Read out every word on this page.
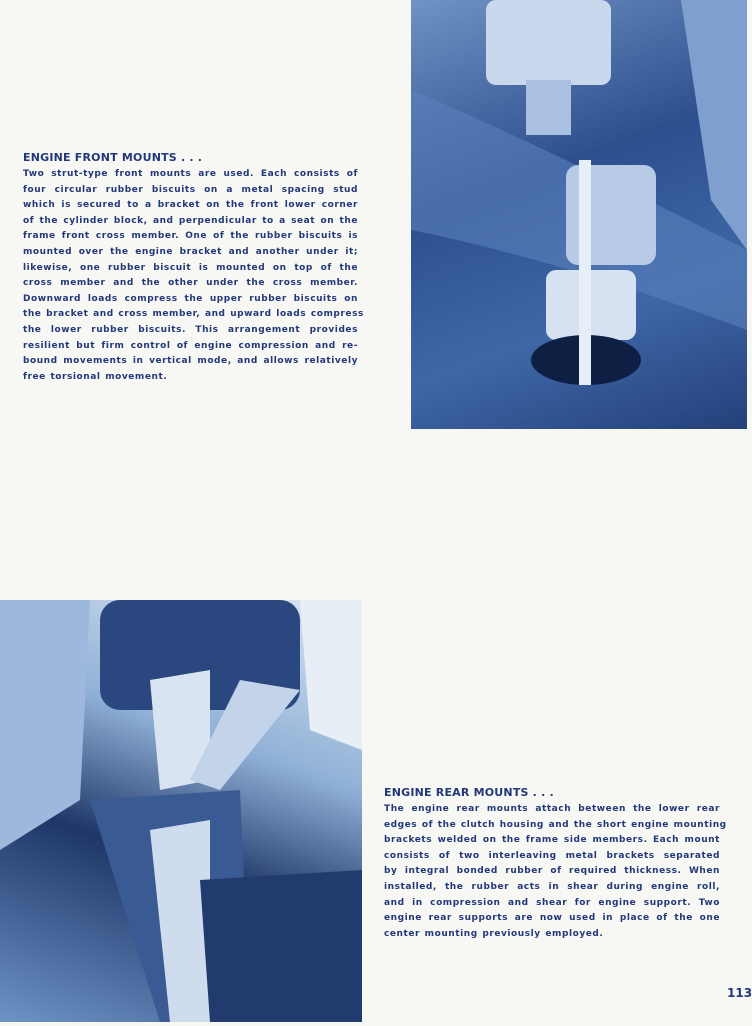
ENGINE FRONT MOUNTS . . .
Two strut-type front mounts are used. Each consists of
four circular rubber biscuits on a metal spacing stud
which is secured to a bracket on the front lower corner
of the cylinder block, and perpendicular to a seat on the
frame front cross member. One of the rubber biscuits is
mounted over the engine bracket and another under it;
likewise, one rubber biscuit is mounted on top of the
cross member and the other under the cross member.
Downward loads compress the upper rubber biscuits on
the bracket and cross member, and upward loads compress
the lower rubber biscuits. This arrangement provides
resilient but firm control of engine compression and re-
bound movements in vertical mode, and allows relatively
free torsional movement.
ENGINE REAR MOUNTS . . .
The engine rear mounts attach between the lower rear
edges of the clutch housing and the short engine mounting
brackets welded on the frame side members. Each mount
consists of two interleaving metal brackets separated
by integral bonded rubber of required thickness. When
installed, the rubber acts in shear during engine roll,
and in compression and shear for engine support. Two
engine rear supports are now used in place of the one
center mounting previously employed.
113
